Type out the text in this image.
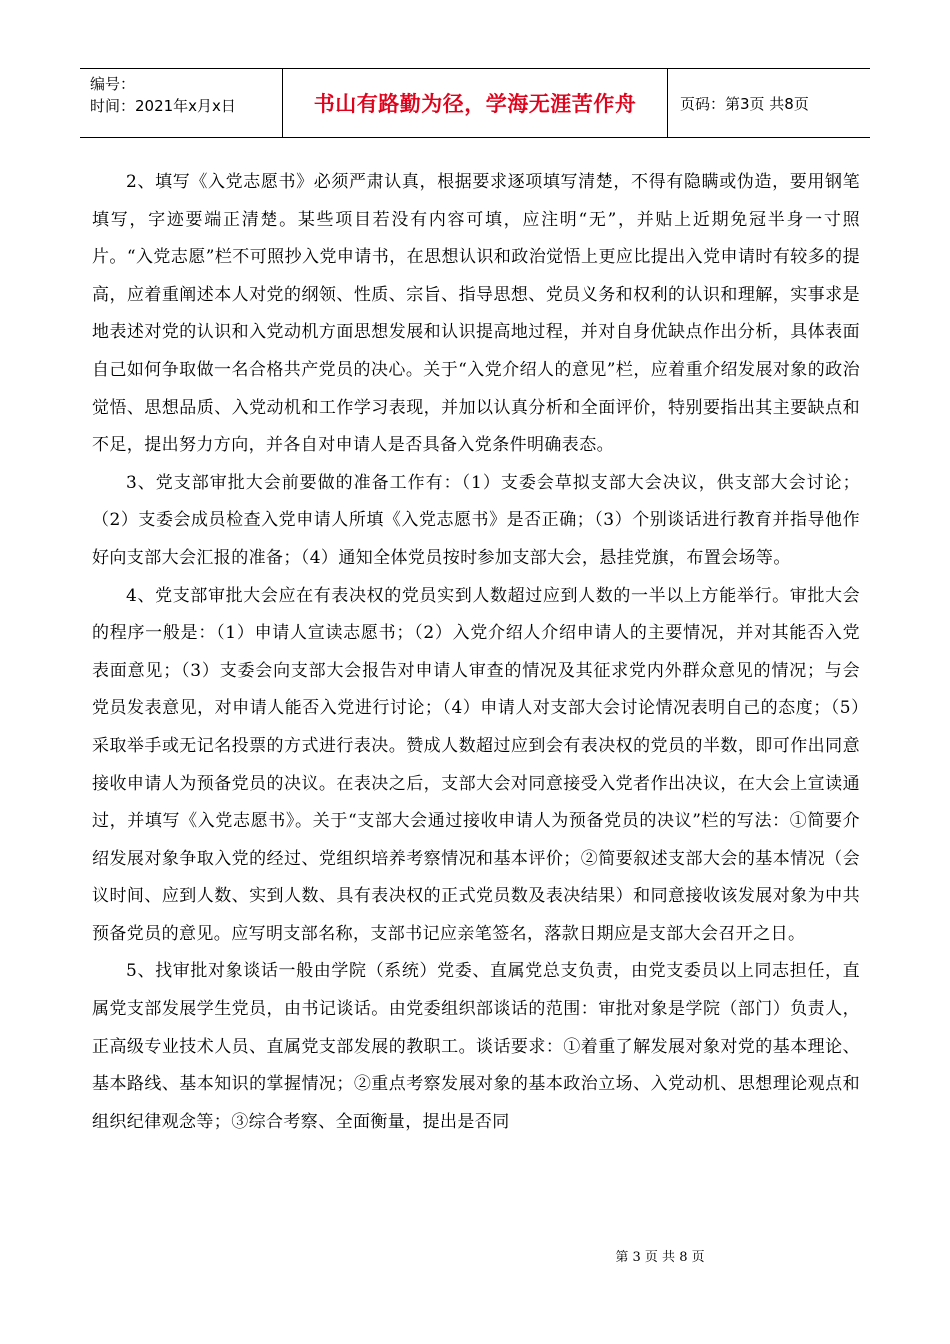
编号：
时间：2021年x月x日	书山有路勤为径，学海无涯苦作舟	页码：第3页 共8页

2、填写《入党志愿书》必须严肃认真，根据要求逐项填写清楚，不得有隐瞒或伪造，要用钢笔填写，字迹要端正清楚。某些项目若没有内容可填，应注明“无”，并贴上近期免冠半身一寸照片。“入党志愿”栏不可照抄入党申请书，在思想认识和政治觉悟上更应比提出入党申请时有较多的提高，应着重阐述本人对党的纲领、性质、宗旨、指导思想、党员义务和权利的认识和理解，实事求是地表述对党的认识和入党动机方面思想发展和认识提高地过程，并对自身优缺点作出分析，具体表面自己如何争取做一名合格共产党员的决心。关于“入党介绍人的意见”栏，应着重介绍发展对象的政治觉悟、思想品质、入党动机和工作学习表现，并加以认真分析和全面评价，特别要指出其主要缺点和不足，提出努力方向，并各自对申请人是否具备入党条件明确表态。

3、党支部审批大会前要做的准备工作有：（1）支委会草拟支部大会决议，供支部大会讨论；（2）支委会成员检查入党申请人所填《入党志愿书》是否正确；（3）个别谈话进行教育并指导他作好向支部大会汇报的准备；（4）通知全体党员按时参加支部大会，悬挂党旗，布置会场等。

4、党支部审批大会应在有表决权的党员实到人数超过应到人数的一半以上方能举行。审批大会的程序一般是：（1）申请人宣读志愿书；（2）入党介绍人介绍申请人的主要情况，并对其能否入党表面意见；（3）支委会向支部大会报告对申请人审查的情况及其征求党内外群众意见的情况；与会党员发表意见，对申请人能否入党进行讨论；（4）申请人对支部大会讨论情况表明自己的态度；（5）采取举手或无记名投票的方式进行表决。赞成人数超过应到会有表决权的党员的半数，即可作出同意接收申请人为预备党员的决议。在表决之后，支部大会对同意接受入党者作出决议，在大会上宣读通过，并填写《入党志愿书》。关于“支部大会通过接收申请人为预备党员的决议”栏的写法：①简要介绍发展对象争取入党的经过、党组织培养考察情况和基本评价；②简要叙述支部大会的基本情况（会议时间、应到人数、实到人数、具有表决权的正式党员数及表决结果）和同意接收该发展对象为中共预备党员的意见。应写明支部名称，支部书记应亲笔签名，落款日期应是支部大会召开之日。

5、找审批对象谈话一般由学院（系统）党委、直属党总支负责，由党支委员以上同志担任，直属党支部发展学生党员，由书记谈话。由党委组织部谈话的范围：审批对象是学院（部门）负责人，正高级专业技术人员、直属党支部发展的教职工。谈话要求：①着重了解发展对象对党的基本理论、基本路线、基本知识的掌握情况；②重点考察发展对象的基本政治立场、入党动机、思想理论观点和组织纪律观念等；③综合考察、全面衡量，提出是否同

第 3 页 共 8 页
